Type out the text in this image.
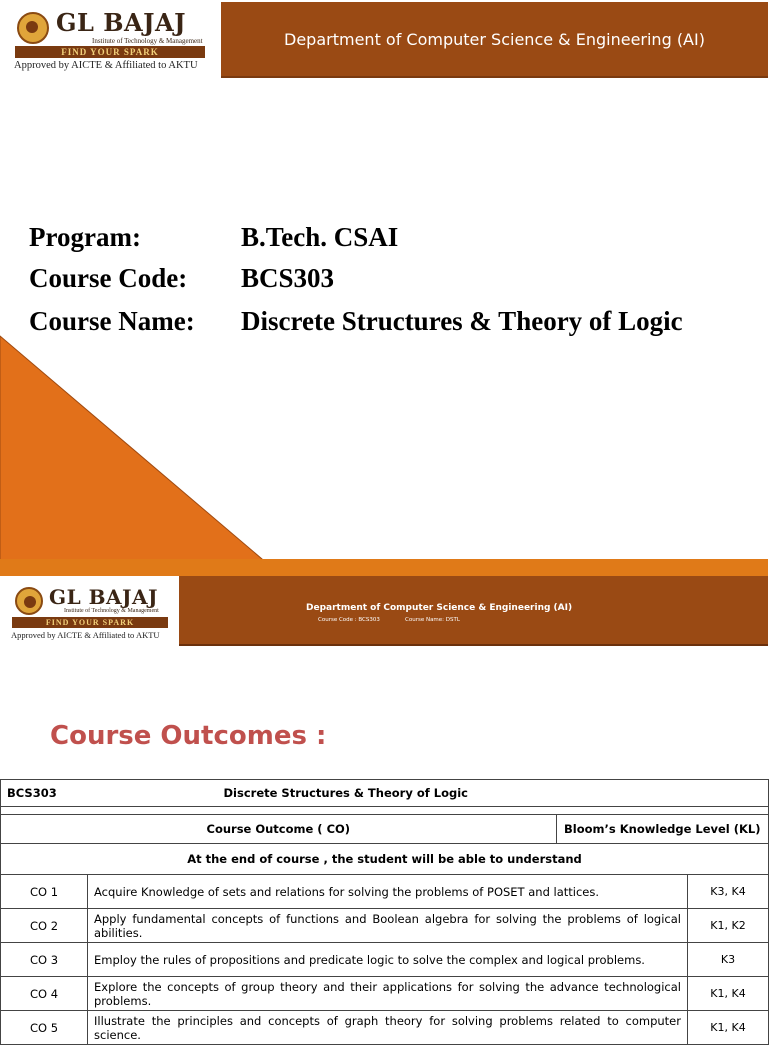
GL BAJAJ
Institute of Technology & Management
FIND YOUR SPARK
Approved by AICTE & Affiliated to AKTU
Department of Computer Science & Engineering (AI)
Program:	B.Tech. CSAI
Course Code: BCS303
Course Name: Discrete Structures & Theory of Logic
GL BAJAJ
Institute of Technology & Management
FIND YOUR SPARK
Approved by AICTE & Affiliated to AKTU
Department of Computer Science & Engineering (AI)
Course Code : BCS303	Course Name: DSTL
Course Outcomes :
BCS303	Discrete Structures & Theory of Logic		

Course Outcome ( CO)		Bloom’s Knowledge Level (KL)	
At the end of course , the student will be able to understand			
CO 1	Acquire Knowledge of sets and relations for solving the problems of POSET and lattices.		K3, K4
CO 2	Apply fundamental concepts of functions and Boolean algebra for solving the problems of logical abilities.		K1, K2
CO 3	Employ the rules of propositions and predicate logic to solve the complex and logical problems.		K3
CO 4	Explore the concepts of group theory and their applications for solving the advance technological problems.		K1, K4
CO 5	Illustrate the principles and concepts of graph theory for solving problems related to computer science.		K1, K4
